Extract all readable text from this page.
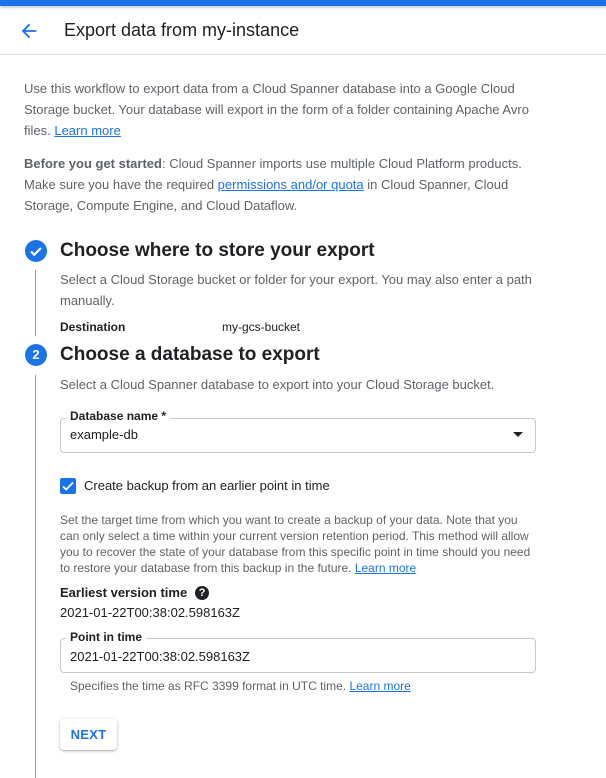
Export data from my-instance
Use this workflow to export data from a Cloud Spanner database into a Google Cloud Storage bucket. Your database will export in the form of a folder containing Apache Avro files. Learn more
Before you get started: Cloud Spanner imports use multiple Cloud Platform products. Make sure you have the required permissions and/or quota in Cloud Spanner, Cloud Storage, Compute Engine, and Cloud Dataflow.
Choose where to store your export
Select a Cloud Storage bucket or folder for your export. You may also enter a path manually.
Destination	my-gcs-bucket
2	Choose a database to export
Select a Cloud Spanner database to export into your Cloud Storage bucket.
example-db
Database name *
Create backup from an earlier point in time
Set the target time from which you want to create a backup of your data. Note that you can only select a time within your current version retention period. This method will allow you to recover the state of your database from this specific point in time should you need to restore your database from this backup in the future. Learn more
Earliest version time	?
2021-01-22T00:38:02.598163Z
2021-01-22T00:38:02.598163Z
Point in time
Specifies the time as RFC 3399 format in UTC time. Learn more
NEXT
